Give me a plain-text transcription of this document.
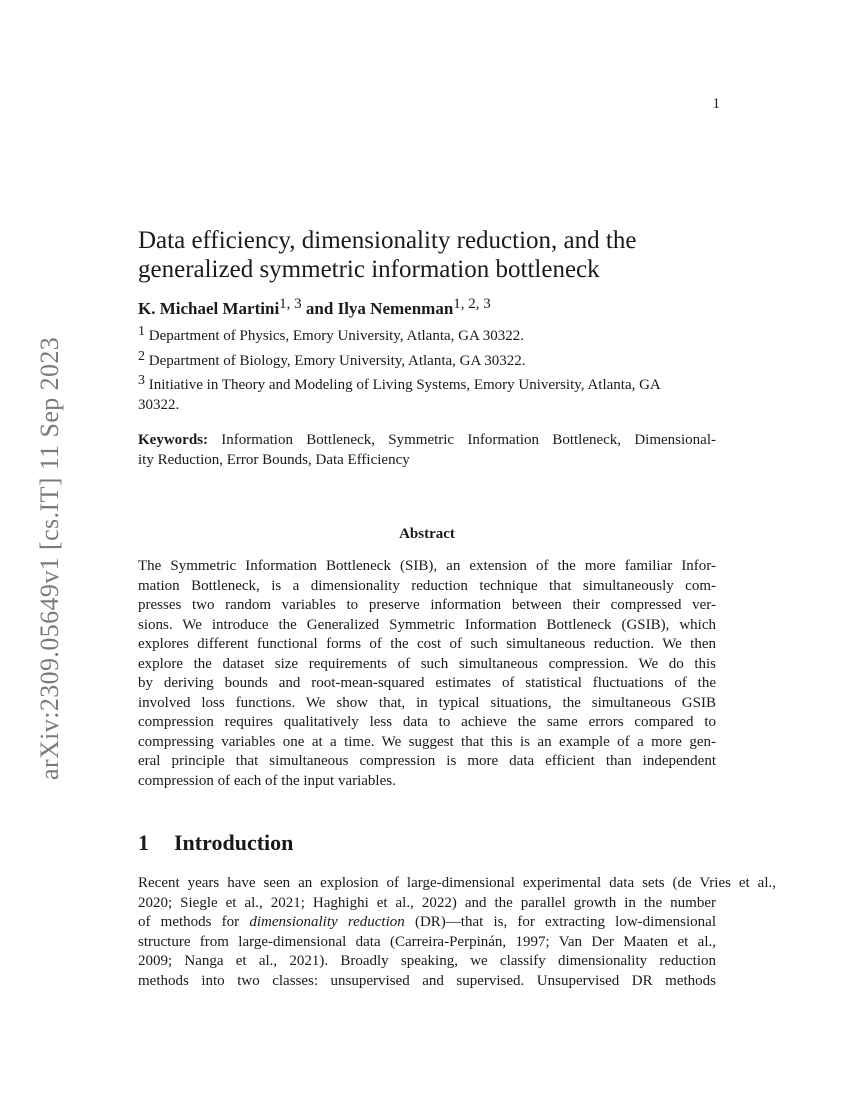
arXiv:2309.05649v1 [cs.IT] 11 Sep 2023
1
Data efficiency, dimensionality reduction, and the
generalized symmetric information bottleneck
K. Michael Martini$^{1, 3}$ and Ilya Nemenman$^{1, 2, 3}$
$^1$ Department of Physics, Emory University, Atlanta, GA 30322.
$^2$ Department of Biology, Emory University, Atlanta, GA 30322.
$^3$ Initiative in Theory and Modeling of Living Systems, Emory University, Atlanta, GA
30322.
Keywords: Information Bottleneck, Symmetric Information Bottleneck, Dimensional-
ity Reduction, Error Bounds, Data Efficiency
Abstract
The Symmetric Information Bottleneck (SIB), an extension of the more familiar Infor-
mation Bottleneck, is a dimensionality reduction technique that simultaneously com-
presses two random variables to preserve information between their compressed ver-
sions. We introduce the Generalized Symmetric Information Bottleneck (GSIB), which
explores different functional forms of the cost of such simultaneous reduction. We then
explore the dataset size requirements of such simultaneous compression. We do this
by deriving bounds and root-mean-squared estimates of statistical fluctuations of the
involved loss functions. We show that, in typical situations, the simultaneous GSIB
compression requires qualitatively less data to achieve the same errors compared to
compressing variables one at a time. We suggest that this is an example of a more gen-
eral principle that simultaneous compression is more data efficient than independent
compression of each of the input variables.
1 Introduction
Recent years have seen an explosion of large-dimensional experimental data sets (de Vries et al.,
2020; Siegle et al., 2021; Haghighi et al., 2022) and the parallel growth in the number
of methods for dimensionality reduction (DR)—that is, for extracting low-dimensional
structure from large-dimensional data (Carreira-Perpinán, 1997; Van Der Maaten et al.,
2009; Nanga et al., 2021). Broadly speaking, we classify dimensionality reduction
methods into two classes: unsupervised and supervised. Unsupervised DR methods
